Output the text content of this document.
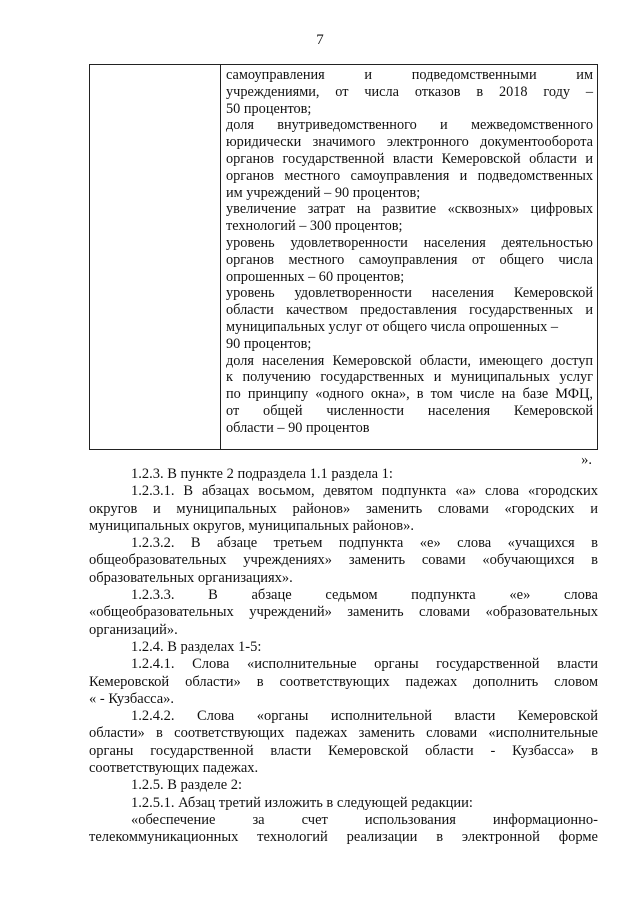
7
самоуправления и подведомственными им
учреждениями, от числа отказов в 2018 году –
50 процентов;
доля внутриведомственного и межведомственного
юридически значимого электронного документооборота
органов государственной власти Кемеровской области и
органов местного самоуправления и подведомственных
им учреждений – 90 процентов;
увеличение затрат на развитие «сквозных» цифровых
технологий – 300 процентов;
уровень удовлетворенности населения деятельностью
органов местного самоуправления от общего числа
опрошенных – 60 процентов;
уровень удовлетворенности населения Кемеровской
области качеством предоставления государственных и
муниципальных услуг от общего числа опрошенных –
90 процентов;
доля населения Кемеровской области, имеющего доступ
к получению государственных и муниципальных услуг
по принципу «одного окна», в том числе на базе МФЦ,
от общей численности населения Кемеровской
области – 90 процентов
».
1.2.3. В пункте 2 подраздела 1.1 раздела 1:
1.2.3.1. В абзацах восьмом, девятом подпункта «а» слова «городских
округов и муниципальных районов» заменить словами «городских и
муниципальных округов, муниципальных районов».
1.2.3.2. В абзаце третьем подпункта «е» слова «учащихся в
общеобразовательных учреждениях» заменить совами «обучающихся в
образовательных организациях».
1.2.3.3. В абзаце седьмом подпункта «е» слова
«общеобразовательных учреждений» заменить словами «образовательных
организаций».
1.2.4. В разделах 1-5:
1.2.4.1. Слова «исполнительные органы государственной власти
Кемеровской области» в соответствующих падежах дополнить словом
« - Кузбасса».
1.2.4.2. Слова «органы исполнительной власти Кемеровской
области» в соответствующих падежах заменить словами «исполнительные
органы государственной власти Кемеровской области - Кузбасса» в
соответствующих падежах.
1.2.5. В разделе 2:
1.2.5.1. Абзац третий изложить в следующей редакции:
«обеспечение за счет использования информационно-
телекоммуникационных технологий реализации в электронной форме
